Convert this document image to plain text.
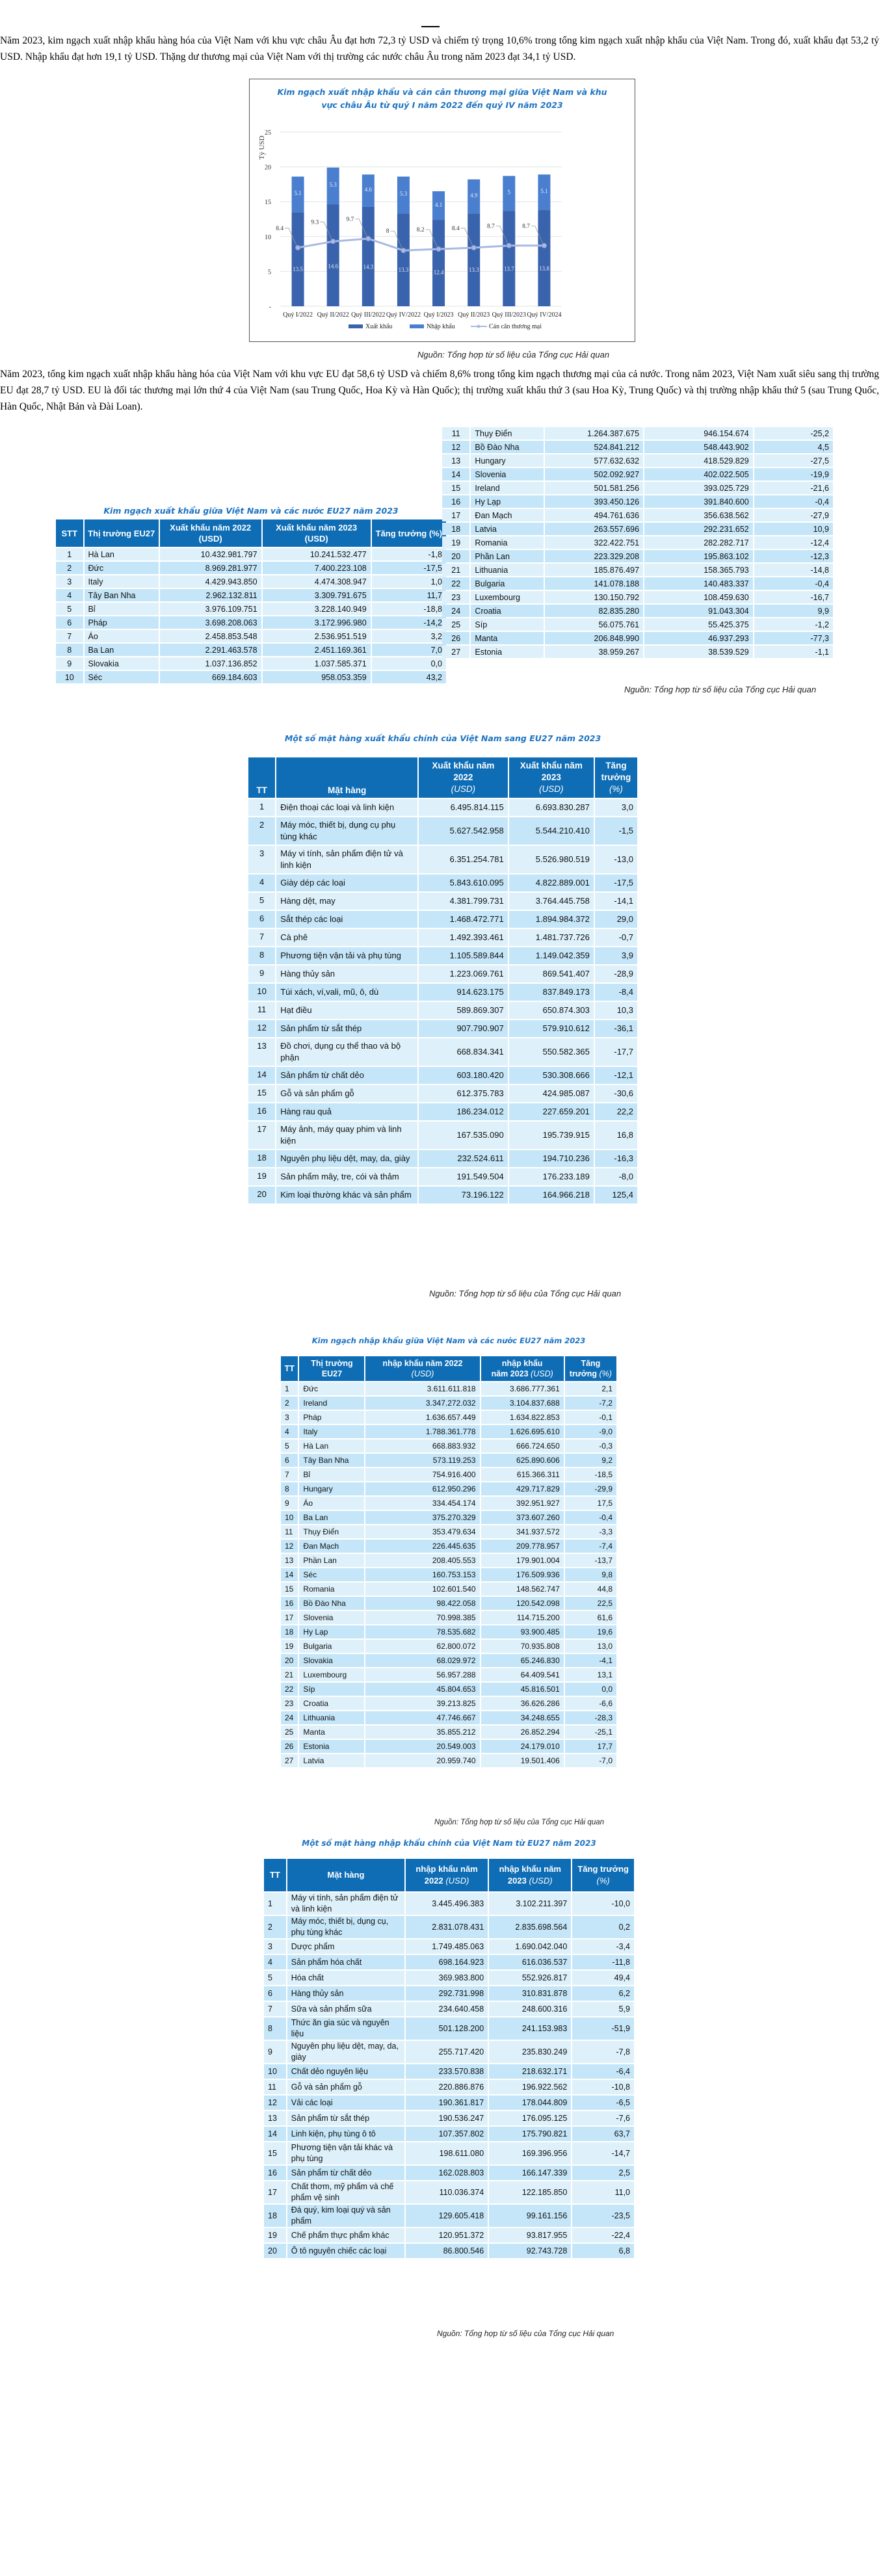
Năm 2023, kim ngạch xuất nhập khẩu hàng hóa của Việt Nam với khu vực châu Âu đạt hơn 72,3 tỷ USD và chiếm tỷ trọng 10,6% trong tổng kim ngạch xuất nhập khẩu của Việt Nam. Trong đó, xuất khẩu đạt 53,2 tỷ USD. Nhập khẩu đạt hơn 19,1 tỷ USD. Thặng dư thương mại của Việt Nam với thị trường các nước châu Âu trong năm 2023 đạt 34,1 tỷ USD.

Kim ngạch xuất nhập khẩu và cán cân thương mại giữa Việt Nam và khu
vực châu Âu từ quý I năm 2022 đến quý IV năm 2023
Tỷ USD
-
5
10
15
20
25
13.5
5.1
Quý I/2022
14.6
5.3
Quý II/2022
14.3
4.6
Quý III/2022
13.3
5.3
Quý IV/2022
12.4
4.1
Quý I/2023
13.3
4.9
Quý II/2023
13.7
5
Quý III/2023
13.8
5.1
Quý IV/2024
8.4
9.3	9.7
8	8.2	8.4	8.7	8.7
Xuất khẩu	Nhập khẩu	Cán cân thương mại
Nguồn: Tổng hợp từ số liệu của Tổng cục Hải quan

Năm 2023, tổng kim ngạch xuất nhập khẩu hàng hóa của Việt Nam với khu vực EU đạt 58,6 tỷ USD và chiếm 8,6% trong tổng kim ngạch thương mại của cả nước. Trong năm 2023, Việt Nam xuất siêu sang thị trường EU đạt 28,7 tỷ USD. EU là đối tác thương mại lớn thứ 4 của Việt Nam (sau Trung Quốc, Hoa Kỳ và Hàn Quốc); thị trường xuất khẩu thứ 3 (sau Hoa Kỳ, Trung Quốc) và thị trường nhập khẩu thứ 5 (sau Trung Quốc, Hàn Quốc, Nhật Bản và Đài Loan).

Kim ngạch xuất khẩu giữa Việt Nam và các nước EU27 năm 2023
STT	Thị trường EU27	Xuất khẩu năm 2022 (USD)	Xuất khẩu năm 2023 (USD)	Tăng trưởng (%)
1	Hà Lan	10.432.981.797	10.241.532.477	-1,8
2	Đức	8.969.281.977	7.400.223.108	-17,5
3	Italy	4.429.943.850	4.474.308.947	1,0
4	Tây Ban Nha	2.962.132.811	3.309.791.675	11,7
5	Bỉ	3.976.109.751	3.228.140.949	-18,8
6	Pháp	3.698.208.063	3.172.996.980	-14,2
7	Áo	2.458.853.548	2.536.951.519	3,2
8	Ba Lan	2.291.463.578	2.451.169.361	7,0
9	Slovakia	1.037.136.852	1.037.585.371	0,0
10	Séc	669.184.603	958.053.359	43,2
11	Thụy Điển	1.264.387.675	946.154.674	-25,2
12	Bồ Đào Nha	524.841.212	548.443.902	4,5
13	Hungary	577.632.632	418.529.829	-27,5
14	Slovenia	502.092.927	402.022.505	-19,9
15	Ireland	501.581.256	393.025.729	-21,6
16	Hy Lạp	393.450.126	391.840.600	-0,4
17	Đan Mạch	494.761.636	356.638.562	-27,9
18	Latvia	263.557.696	292.231.652	10,9
19	Romania	322.422.751	282.282.717	-12,4
20	Phần Lan	223.329.208	195.863.102	-12,3
21	Lithuania	185.876.497	158.365.793	-14,8
22	Bulgaria	141.078.188	140.483.337	-0,4
23	Luxembourg	130.150.792	108.459.630	-16,7
24	Croatia	82.835.280	91.043.304	9,9
25	Síp	56.075.761	55.425.375	-1,2
26	Manta	206.848.990	46.937.293	-77,3
27	Estonia	38.959.267	38.539.529	-1,1
Nguồn: Tổng hợp từ số liệu của Tổng cục Hải quan
Một số mặt hàng xuất khẩu chính của Việt Nam sang EU27 năm 2023
TT	Mặt hàng	Xuất khẩu năm 2022
(USD)	Xuất khẩu năm 2023
(USD)	Tăng trưởng
(%)
1	Điện thoại các loại và linh kiện	6.495.814.115	6.693.830.287	3,0
2	Máy móc, thiết bị, dụng cụ phụ tùng khác	5.627.542.958	5.544.210.410	-1,5
3	Máy vi tính, sản phẩm điện tử và linh kiện	6.351.254.781	5.526.980.519	-13,0
4	Giày dép các loại	5.843.610.095	4.822.889.001	-17,5
5	Hàng dệt, may	4.381.799.731	3.764.445.758	-14,1
6	Sắt thép các loại	1.468.472.771	1.894.984.372	29,0
7	Cà phê	1.492.393.461	1.481.737.726	-0,7
8	Phương tiện vận tải và phụ tùng	1.105.589.844	1.149.042.359	3,9
9	Hàng thủy sản	1.223.069.761	869.541.407	-28,9
10	Túi xách, ví,vali, mũ, ô, dù	914.623.175	837.849.173	-8,4
11	Hạt điều	589.869.307	650.874.303	10,3
12	Sản phẩm từ sắt thép	907.790.907	579.910.612	-36,1
13	Đồ chơi, dụng cụ thể thao và bộ phận	668.834.341	550.582.365	-17,7
14	Sản phẩm từ chất dẻo	603.180.420	530.308.666	-12,1
15	Gỗ và sản phẩm gỗ	612.375.783	424.985.087	-30,6
16	Hàng rau quả	186.234.012	227.659.201	22,2
17	Máy ảnh, máy quay phim và linh kiện	167.535.090	195.739.915	16,8
18	Nguyên phụ liệu dệt, may, da, giày	232.524.611	194.710.236	-16,3
19	Sản phẩm mây, tre, cói và thảm	191.549.504	176.233.189	-8,0
20	Kim loại thường khác và sản phẩm	73.196.122	164.966.218	125,4
Nguồn: Tổng hợp từ số liệu của Tổng cục Hải quan
Kim ngạch nhập khẩu giữa Việt Nam và các nước EU27 năm 2023
TT	Thị trường EU27	nhập khẩu năm 2022
(USD)	nhập khẩu
năm 2023 (USD)	Tăng trưởng (%)
1	Đức	3.611.611.818	3.686.777.361	2,1
2	Ireland	3.347.272.032	3.104.837.688	-7,2
3	Pháp	1.636.657.449	1.634.822.853	-0,1
4	Italy	1.788.361.778	1.626.695.610	-9,0
5	Hà Lan	668.883.932	666.724.650	-0,3
6	Tây Ban Nha	573.119.253	625.890.606	9,2
7	Bỉ	754.916.400	615.366.311	-18,5
8	Hungary	612.950.296	429.717.829	-29,9
9	Áo	334.454.174	392.951.927	17,5
10	Ba Lan	375.270.329	373.607.260	-0,4
11	Thụy Điển	353.479.634	341.937.572	-3,3
12	Đan Mạch	226.445.635	209.778.957	-7,4
13	Phần Lan	208.405.553	179.901.004	-13,7
14	Séc	160.753.153	176.509.936	9,8
15	Romania	102.601.540	148.562.747	44,8
16	Bồ Đào Nha	98.422.058	120.542.098	22,5
17	Slovenia	70.998.385	114.715.200	61,6
18	Hy Lạp	78.535.682	93.900.485	19,6
19	Bulgaria	62.800.072	70.935.808	13,0
20	Slovakia	68.029.972	65.246.830	-4,1
21	Luxembourg	56.957.288	64.409.541	13,1
22	Síp	45.804.653	45.816.501	0,0
23	Croatia	39.213.825	36.626.286	-6,6
24	Lithuania	47.746.667	34.248.655	-28,3
25	Manta	35.855.212	26.852.294	-25,1
26	Estonia	20.549.003	24.179.010	17,7
27	Latvia	20.959.740	19.501.406	-7,0
Nguồn: Tổng hợp từ số liệu của Tổng cục Hải quan
Một số mặt hàng nhập khẩu chính của Việt Nam từ EU27 năm 2023
TT	Mặt hàng	nhập khẩu năm
2022 (USD)	nhập khẩu năm
2023 (USD)	Tăng trưởng
(%)
1	Máy vi tính, sản phẩm điện tử và linh kiện	3.445.496.383	3.102.211.397	-10,0
2	Máy móc, thiết bị, dụng cụ, phụ tùng khác	2.831.078.431	2.835.698.564	0,2
3	Dược phẩm	1.749.485.063	1.690.042.040	-3,4
4	Sản phẩm hóa chất	698.164.923	616.036.537	-11,8
5	Hóa chất	369.983.800	552.926.817	49,4
6	Hàng thủy sản	292.731.998	310.831.878	6,2
7	Sữa và sản phẩm sữa	234.640.458	248.600.316	5,9
8	Thức ăn gia súc và nguyên liệu	501.128.200	241.153.983	-51,9
9	Nguyên phụ liệu dệt, may, da, giày	255.717.420	235.830.249	-7,8
10	Chất dẻo nguyên liệu	233.570.838	218.632.171	-6,4
11	Gỗ và sản phẩm gỗ	220.886.876	196.922.562	-10,8
12	Vải các loại	190.361.817	178.044.809	-6,5
13	Sản phẩm từ sắt thép	190.536.247	176.095.125	-7,6
14	Linh kiện, phụ tùng ô tô	107.357.802	175.790.821	63,7
15	Phương tiện vận tải khác và phụ tùng	198.611.080	169.396.956	-14,7
16	Sản phẩm từ chất dẻo	162.028.803	166.147.339	2,5
17	Chất thơm, mỹ phẩm và chế phẩm vệ sinh	110.036.374	122.185.850	11,0
18	Đá quý, kim loại quý và sản phẩm	129.605.418	99.161.156	-23,5
19	Chế phẩm thực phẩm khác	120.951.372	93.817.955	-22,4
20	Ô tô nguyên chiếc các loại	86.800.546	92.743.728	6,8
Nguồn: Tổng hợp từ số liệu của Tổng cục Hải quan
